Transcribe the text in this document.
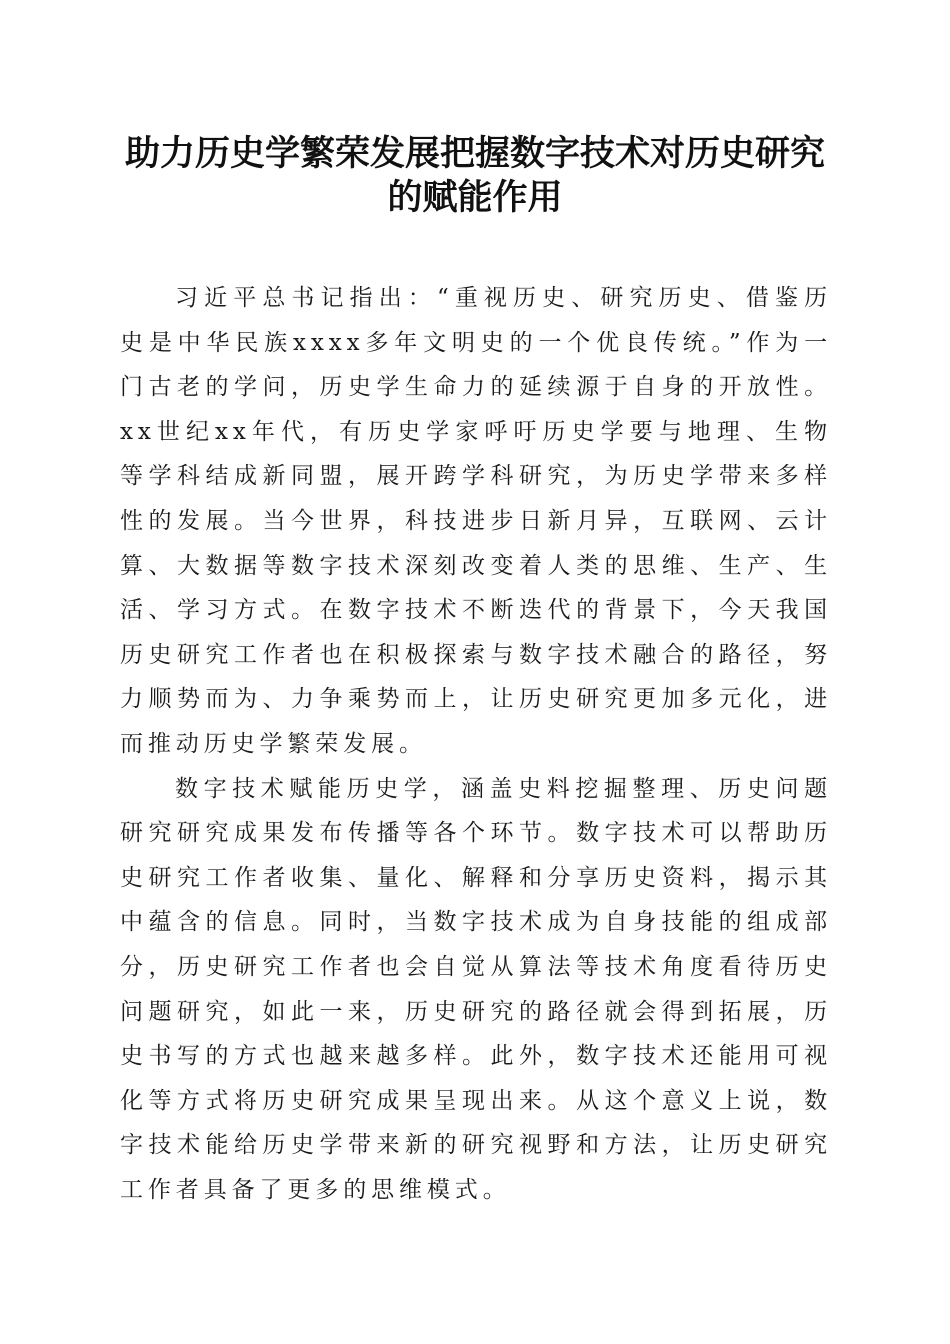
助力历史学繁荣发展把握数字技术对历史研究
的赋能作用

习近平总书记指出：“重视历史、研究历史、借鉴历史是中华民族xxxx多年文明史的一个优良传统。”作为一门古老的学问，历史学生命力的延续源于自身的开放性。xx世纪xx年代，有历史学家呼吁历史学要与地理、生物等学科结成新同盟，展开跨学科研究，为历史学带来多样性的发展。当今世界，科技进步日新月异，互联网、云计算、大数据等数字技术深刻改变着人类的思维、生产、生活、学习方式。在数字技术不断迭代的背景下，今天我国历史研究工作者也在积极探索与数字技术融合的路径，努力顺势而为、力争乘势而上，让历史研究更加多元化，进而推动历史学繁荣发展。

数字技术赋能历史学，涵盖史料挖掘整理、历史问题研究研究成果发布传播等各个环节。数字技术可以帮助历史研究工作者收集、量化、解释和分享历史资料，揭示其中蕴含的信息。同时，当数字技术成为自身技能的组成部分，历史研究工作者也会自觉从算法等技术角度看待历史问题研究，如此一来，历史研究的路径就会得到拓展，历史书写的方式也越来越多样。此外，数字技术还能用可视化等方式将历史研究成果呈现出来。从这个意义上说，数字技术能给历史学带来新的研究视野和方法，让历史研究工作者具备了更多的思维模式。
